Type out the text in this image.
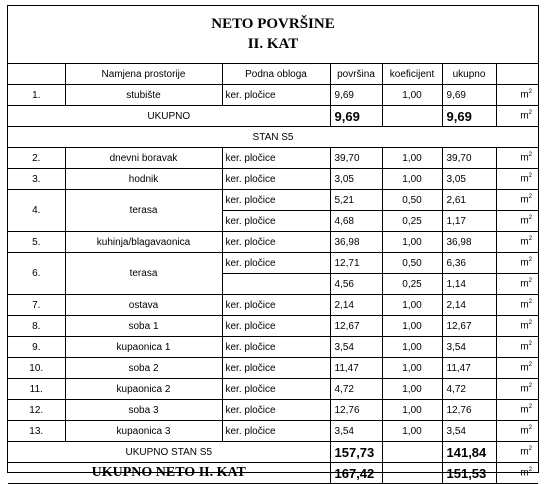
NETO POVRŠINE
II. KAT
	Namjena prostorije	Podna obloga	površina	koeficijent	ukupno	
1.	stubište	ker. pločice	9,69	1,00	9,69	$m^2$
UKUPNO			9,69		9,69	$m^2$
STAN S5						
2.	dnevni boravak	ker. pločice	39,70	1,00	39,70	$m^2$
3.	hodnik	ker. pločice	3,05	1,00	3,05	$m^2$
4.	terasa	ker. pločice	5,21	0,50	2,61	$m^2$
		ker. pločice	4,68	0,25	1,17	$m^2$
5.	kuhinja/blagavaonica	ker. pločice	36,98	1,00	36,98	$m^2$
6.	terasa	ker. pločice	12,71	0,50	6,36	$m^2$
			4,56	0,25	1,14	$m^2$
7.	ostava	ker. pločice	2,14	1,00	2,14	$m^2$
8.	soba 1	ker. pločice	12,67	1,00	12,67	$m^2$
9.	kupaonica 1	ker. pločice	3,54	1,00	3,54	$m^2$
10.	soba 2	ker. pločice	11,47	1,00	11,47	$m^2$
11.	kupaonica 2	ker. pločice	4,72	1,00	4,72	$m^2$
12.	soba 3	ker. pločice	12,76	1,00	12,76	$m^2$
13.	kupaonica 3	ker. pločice	3,54	1,00	3,54	$m^2$
UKUPNO STAN S5			157,73		141,84	$m^2$
UKUPNO NETO II. KAT			167,42		151,53	$m^2$
